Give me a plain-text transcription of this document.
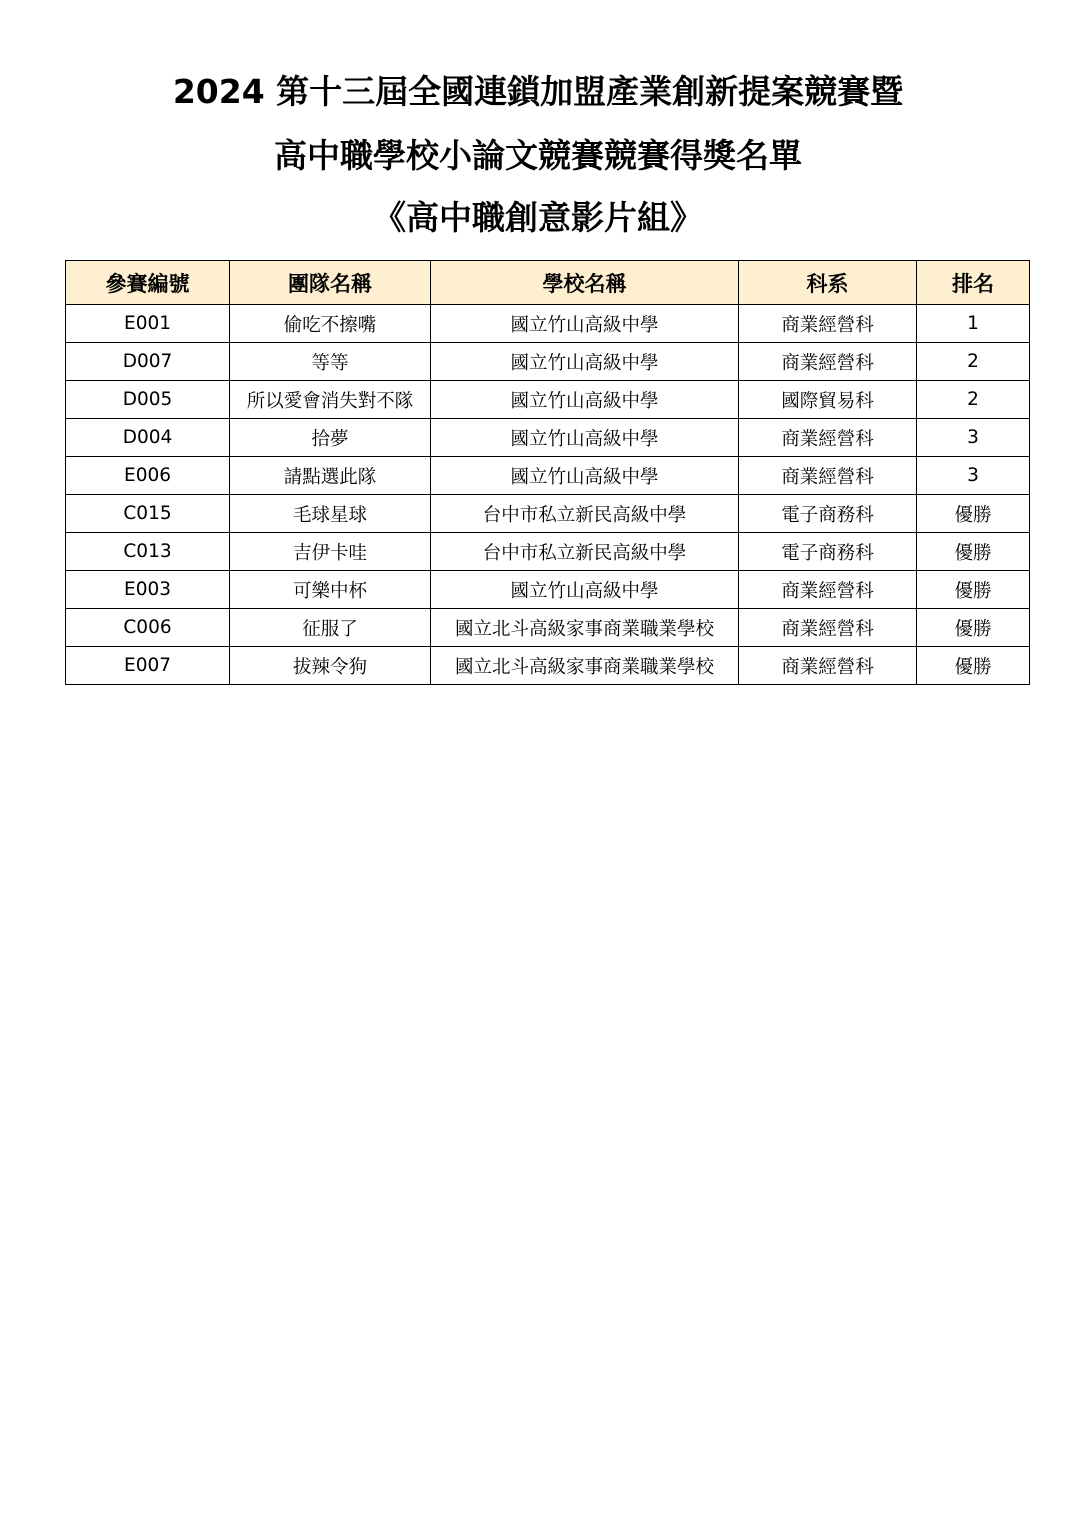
2024 第十三屆全國連鎖加盟產業創新提案競賽暨
高中職學校小論文競賽競賽得獎名單
《高中職創意影片組》
參賽編號	團隊名稱	學校名稱	科系	排名
E001	偷吃不擦嘴	國立竹山高級中學	商業經營科	1
D007	等等	國立竹山高級中學	商業經營科	2
D005	所以愛會消失對不隊	國立竹山高級中學	國際貿易科	2
D004	拾夢	國立竹山高級中學	商業經營科	3
E006	請點選此隊	國立竹山高級中學	商業經營科	3
C015	毛球星球	台中市私立新民高級中學	電子商務科	優勝
C013	吉伊卡哇	台中市私立新民高級中學	電子商務科	優勝
E003	可樂中杯	國立竹山高級中學	商業經營科	優勝
C006	征服了	國立北斗高級家事商業職業學校	商業經營科	優勝
E007	拔辣令狗	國立北斗高級家事商業職業學校	商業經營科	優勝
